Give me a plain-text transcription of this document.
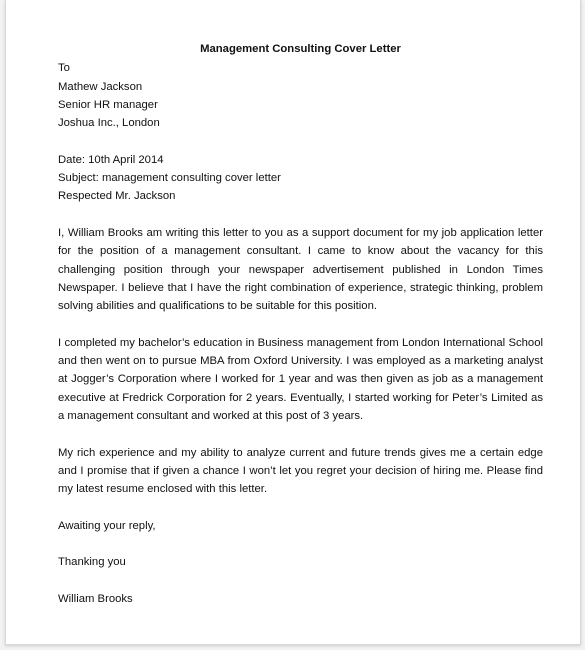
Management Consulting Cover Letter
To
Mathew Jackson
Senior HR manager
Joshua Inc., London
Date: 10th April 2014
Subject: management consulting cover letter
Respected Mr. Jackson

I, William Brooks am writing this letter to you as a support document for my job application letter for the position of a management consultant. I came to know about the vacancy for this challenging position through your newspaper advertisement published in London Times Newspaper. I believe that I have the right combination of experience, strategic thinking, problem solving abilities and qualifications to be suitable for this position.

I completed my bachelor’s education in Business management from London International School and then went on to pursue MBA from Oxford University. I was employed as a marketing analyst at Jogger’s Corporation where I worked for 1 year and was then given as job as a management executive at Fredrick Corporation for 2 years. Eventually, I started working for Peter’s Limited as a management consultant and worked at this post of 3 years.

My rich experience and my ability to analyze current and future trends gives me a certain edge and I promise that if given a chance I won’t let you regret your decision of hiring me. Please find my latest resume enclosed with this letter.

Awaiting your reply,
Thanking you
William Brooks
